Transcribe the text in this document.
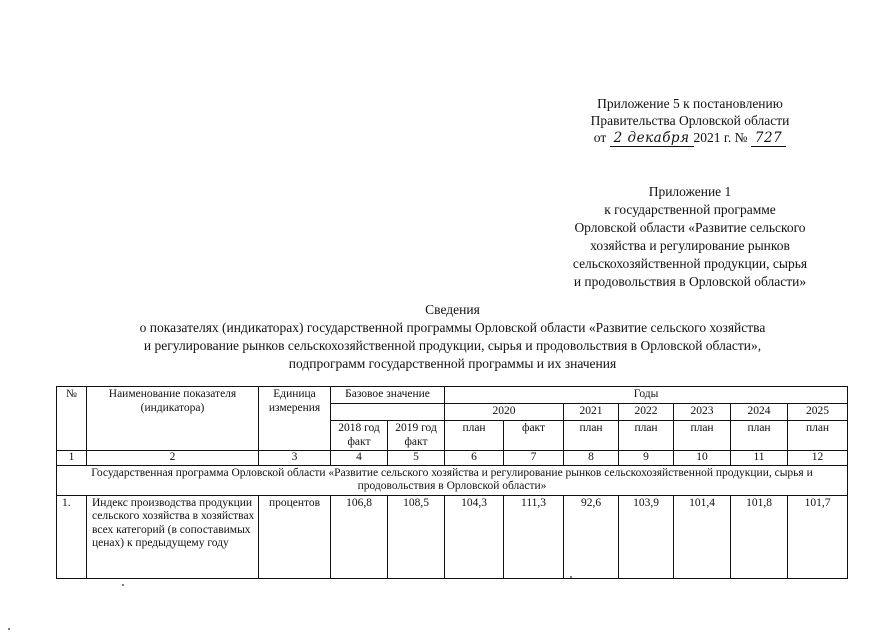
Приложение 5 к постановлению
Правительства Орловской области
от 2 декабря 2021 г. № 727
Приложение 1
к государственной программе
Орловской области «Развитие сельского
хозяйства и регулирование рынков
сельскохозяйственной продукции, сырья
и продовольствия в Орловской области»
Сведения
о показателях (индикаторах) государственной программы Орловской области «Развитие сельского хозяйства
и регулирование рынков сельскохозяйственной продукции, сырья и продовольствия в Орловской области»,
подпрограмм государственной программы и их значения
№	Наименование показателя (индикатора)	Единица измерения	Базовое значение		Годы						
					2020		2021	2022	2023	2024	2025
			2018 год факт	2019 год факт	план	факт	план	план	план	план	план
1	2	3	4	5	6	7	8	9	10	11	12
Государственная программа Орловской области «Развитие сельского хозяйства и регулирование рынков сельскохозяйственной продукции, сырья и продовольствия в Орловской области»											
1.	Индекс производства продукции сельского хозяйства в хозяйствах всех категорий (в сопоставимых ценах) к предыдущему году	процентов	106,8	108,5	104,3	111,3	92,6	103,9	101,4	101,8	101,7
